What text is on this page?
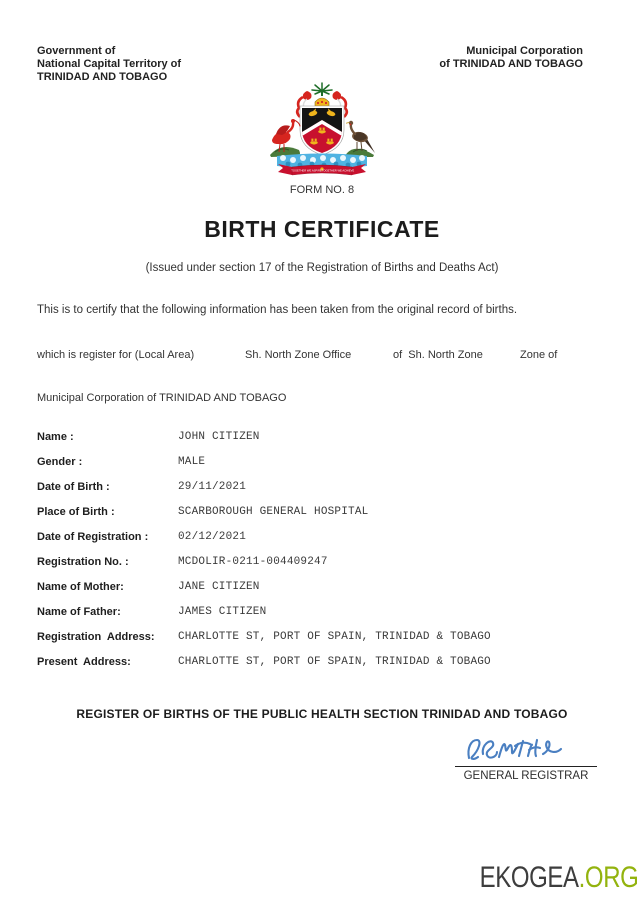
Government of
National Capital Territory of
TRINIDAD AND TOBAGO
Municipal Corporation
of TRINIDAD AND TOBAGO
TOGETHER WE ASPIRE TOGETHER WE ACHIEVE
FORM NO. 8
BIRTH CERTIFICATE
(Issued under section 17 of the Registration of Births and Deaths Act)
This is to certify that the following information has been taken from the original record of births.
which is register for (Local Area)	Sh. North Zone Office	of  Sh. North Zone	Zone of
Municipal Corporation of TRINIDAD AND TOBAGO
Name :	JOHN CITIZEN
Gender :	MALE
Date of Birth :	29/11/2021
Place of Birth :	SCARBOROUGH GENERAL HOSPITAL
Date of Registration :	02/12/2021
Registration No. :	MCDOLIR-0211-004409247
Name of Mother:	JANE CITIZEN
Name of Father:	JAMES CITIZEN
Registration  Address:	CHARLOTTE ST, PORT OF SPAIN, TRINIDAD & TOBAGO
Present  Address:	CHARLOTTE ST, PORT OF SPAIN, TRINIDAD & TOBAGO
REGISTER OF BIRTHS OF THE PUBLIC HEALTH SECTION TRINIDAD AND TOBAGO
GENERAL REGISTRAR
EKOGEA.ORG
